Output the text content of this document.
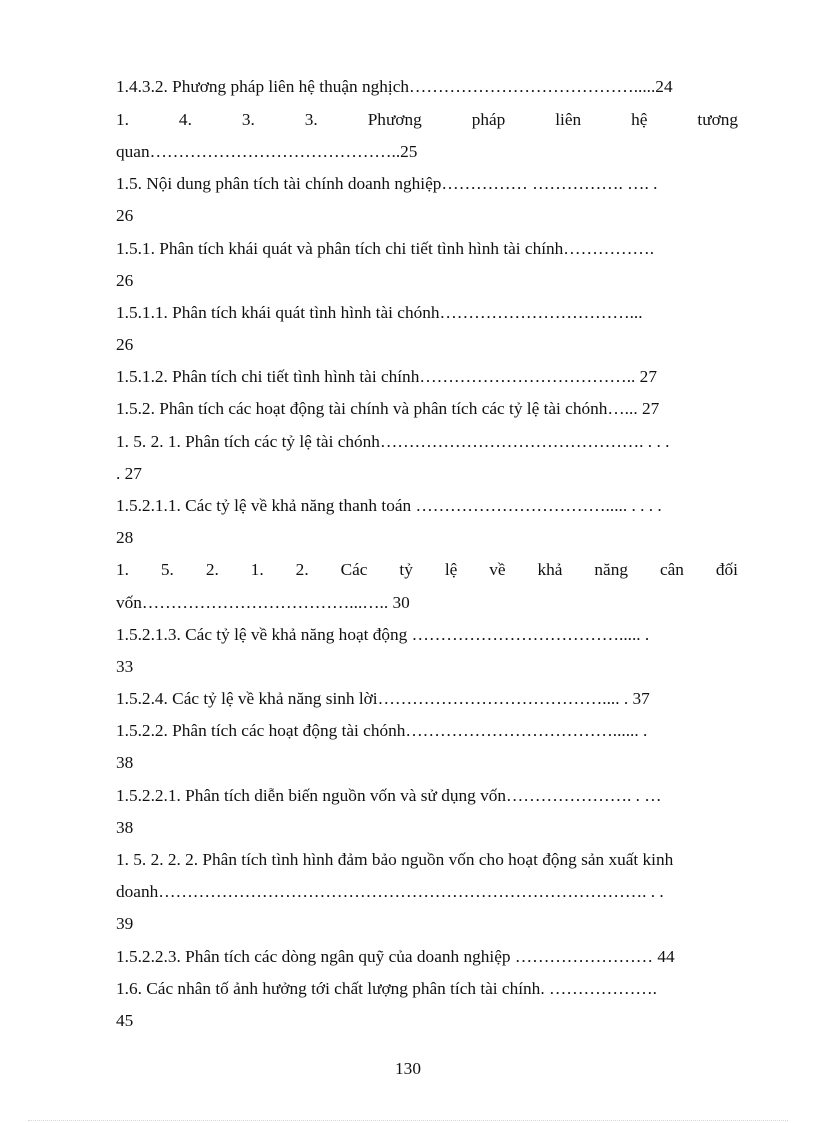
1.4.3.2. Phương pháp liên hệ thuận nghịch………………………………….....24
1. 4. 3. 3. Phương pháp liên hệ tương
quan……………………………………..25
1.5. Nội dung phân tích tài chính doanh nghiệp…………… ……………. …. .
26
1.5.1. Phân tích khái quát và phân tích chi tiết tình hình tài chính…………….
26
1.5.1.1. Phân tích khái quát tình hình tài chónh……………………………...
26
1.5.1.2. Phân tích chi tiết tình hình tài chính……………………………….. 27
1.5.2. Phân tích các hoạt động tài chính và phân tích các tỷ lệ tài chónh…... 27
1. 5. 2. 1. Phân tích các tỷ lệ tài chónh………………………………………. . . .
. 27
1.5.2.1.1. Các tỷ lệ về khả năng thanh toán ……………………………..... . . . .
28
1. 5. 2. 1. 2. Các tỷ lệ về khả năng cân đối
vốn………………………………...….. 30
1.5.2.1.3. Các tỷ lệ về khả năng hoạt động ………………………………..... .
33
1.5.2.4. Các tỷ lệ về khả năng sinh lời………………………………….... . 37
1.5.2.2. Phân tích các hoạt động tài chónh………………………………...... .
38
1.5.2.2.1. Phân tích diễn biến nguồn vốn và sử dụng vốn…………………. . …
38
1. 5. 2. 2. 2. Phân tích tình hình đảm bảo nguồn vốn cho hoạt động sản xuất kinh
doanh…………………………………………………………………………. . .
39
1.5.2.2.3. Phân tích các dòng ngân quỹ của doanh nghiệp …………………… 44
1.6. Các nhân tố ảnh hưởng tới chất lượng phân tích tài chính. ……………….
45
130
